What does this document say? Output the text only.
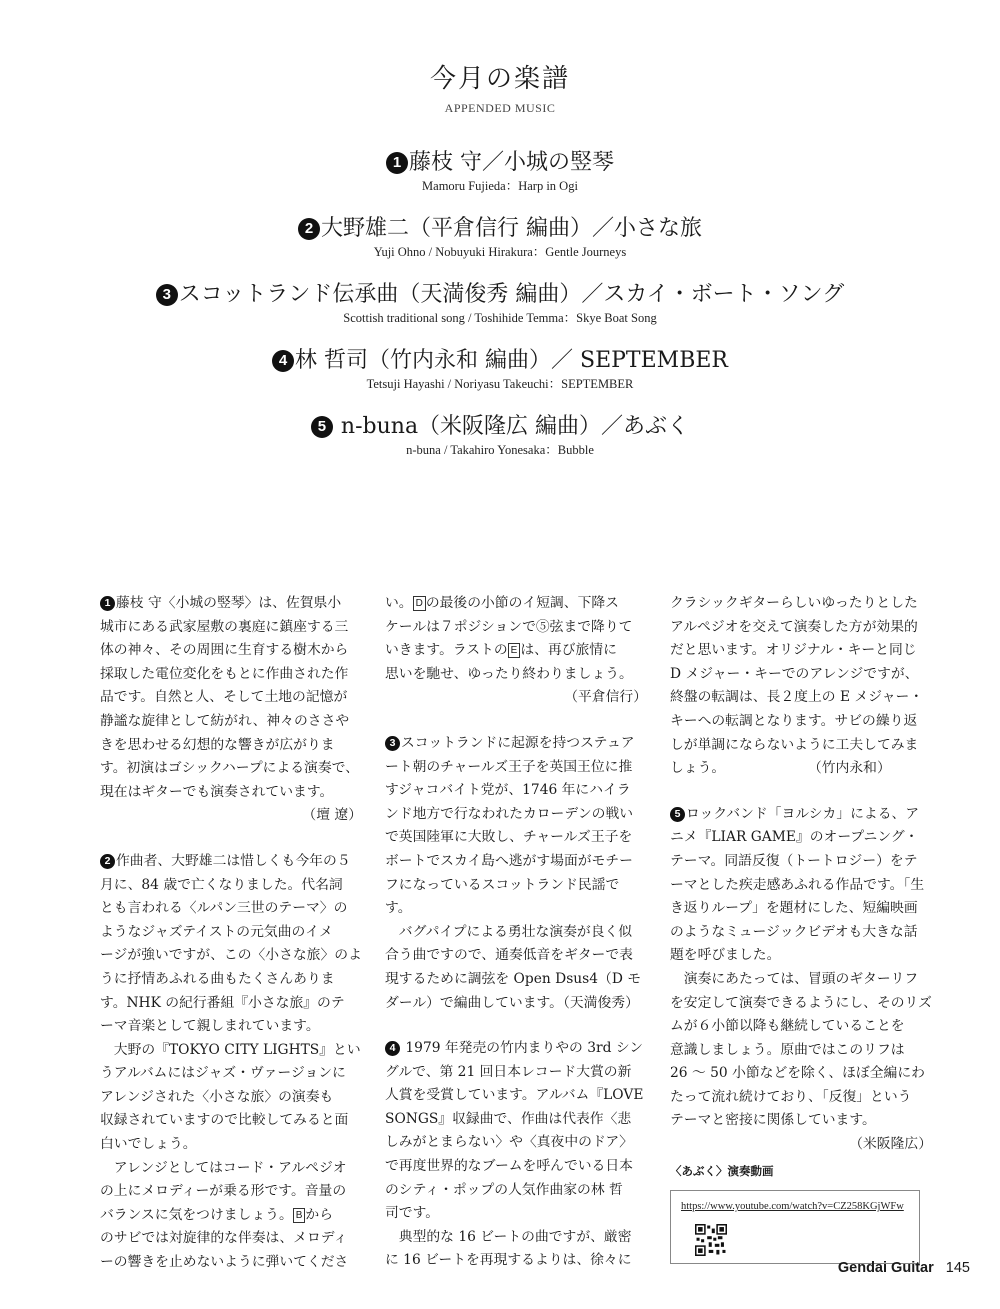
今月の楽譜
APPENDED MUSIC
1 藤枝 守／小城の竪琴
Mamoru Fujieda：Harp in Ogi
2 大野雄二（平倉信行 編曲）／小さな旅
Yuji Ohno / Nobuyuki Hirakura：Gentle Journeys
3 スコットランド伝承曲（天満俊秀 編曲）／スカイ・ボート・ソング
Scottish traditional song / Toshihide Temma：Skye Boat Song
4 林 哲司（竹内永和 編曲）／ SEPTEMBER
Tetsuji Hayashi / Noriyasu Takeuchi：SEPTEMBER
5 n-buna（米阪隆広 編曲）／あぶく
n-buna / Takahiro Yonesaka：Bubble

1 藤枝 守〈小城の竪琴〉は、佐賀県小

城市にある武家屋敷の裏庭に鎮座する三

体の神々、その周囲に生育する樹木から

採取した電位変化をもとに作曲された作

品です。自然と人、そして土地の記憶が

静謐な旋律として紡がれ、神々のささや

きを思わせる幻想的な響きが広がりま

す。初演はゴシックハープによる演奏で、

現在はギターでも演奏されています。

（壇 遼）

2 作曲者、大野雄二は惜しくも今年の５

月に、84 歳で亡くなりました。代名詞

とも言われる〈ルパン三世のテーマ〉の

ようなジャズテイストの元気曲のイメ

ージが強いですが、この〈小さな旅〉のよ

うに抒情あふれる曲もたくさんありま

す。NHK の紀行番組『小さな旅』のテ

ーマ音楽として親しまれています。

大野の『TOKYO CITY LIGHTS』とい

うアルバムにはジャズ・ヴァージョンに

アレンジされた〈小さな旅〉の演奏も

収録されていますので比較してみると面

白いでしょう。

アレンジとしてはコード・アルペジオ

の上にメロディーが乗る形です。音量の

バランスに気をつけましょう。 B から

のサビでは対旋律的な伴奏は、メロディ

ーの響きを止めないように弾いてくださ

い。 D の最後の小節のイ短調、下降ス

ケールは７ポジションで⑤弦まで降りて

いきます。ラストの E は、再び旅情に

思いを馳せ、ゆったり終わりましょう。

（平倉信行）

3 スコットランドに起源を持つステュア

ート朝のチャールズ王子を英国王位に推

すジャコバイト党が、1746 年にハイラ

ンド地方で行なわれたカローデンの戦い

で英国陸軍に大敗し、チャールズ王子を

ボートでスカイ島へ逃がす場面がモチー

フになっているスコットランド民謡で

す。

バグパイプによる勇壮な演奏が良く似

合う曲ですので、通奏低音をギターで表

現するために調弦を Open Dsus4（D モ

ダール）で編曲しています。（天満俊秀）

4 1979 年発売の竹内まりやの 3rd シン

グルで、第 21 回日本レコード大賞の新

人賞を受賞しています。アルバム『LOVE

SONGS』収録曲で、作曲は代表作〈悲

しみがとまらない〉や〈真夜中のドア〉

で再度世界的なブームを呼んでいる日本

のシティ・ポップの人気作曲家の林 哲

司です。

典型的な 16 ビートの曲ですが、厳密

に 16 ビートを再現するよりは、徐々に

クラシックギターらしいゆったりとした

アルペジオを交えて演奏した方が効果的

だと思います。オリジナル・キーと同じ

D メジャー・キーでのアレンジですが、

終盤の転調は、長２度上の E メジャー・

キーへの転調となります。サビの繰り返

しが単調にならないように工夫してみま

しょう。　　　　　　　（竹内永和）

5 ロックバンド「ヨルシカ」による、ア

ニメ『LIAR GAME』のオープニング・

テーマ。同語反復（トートロジー）をテ

ーマとした疾走感あふれる作品です。「生

き返りループ」を題材にした、短編映画

のようなミュージックビデオも大きな話

題を呼びました。

演奏にあたっては、冒頭のギターリフ

を安定して演奏できるようにし、そのリズ

ムが６小節以降も継続していることを

意識しましょう。原曲ではこのリフは

26 〜 50 小節などを除く、ほぼ全編にわ

たって流れ続けており、「反復」という

テーマと密接に関係しています。

（米阪隆広）

〈あぶく〉演奏動画
https://www.youtube.com/watch?v=CZ258KGjWFw
Gendai Guitar 145
